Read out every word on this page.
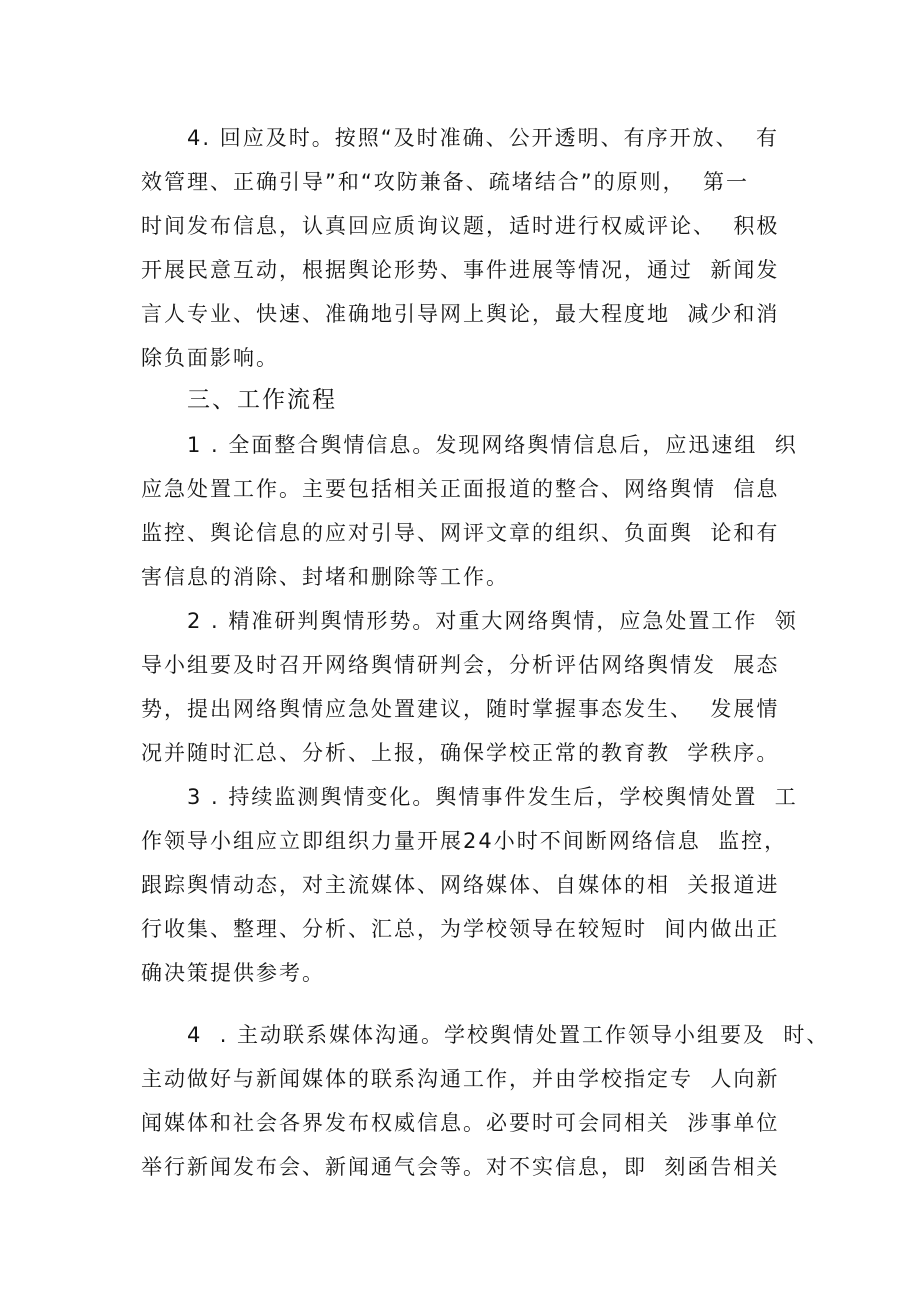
4. 回应及时。按照“及时准确、公开透明、有序开放、  有
效管理、正确引导”和“攻防兼备、疏堵结合”的原则，  第一
时间发布信息，认真回应质询议题，适时进行权威评论、  积极
开展民意互动，根据舆论形势、事件进展等情况，通过  新闻发
言人专业、快速、准确地引导网上舆论，最大程度地  减少和消
除负面影响。
三、工作流程
1 . 全面整合舆情信息。发现网络舆情信息后，应迅速组  织
应急处置工作。主要包括相关正面报道的整合、网络舆情  信息
监控、舆论信息的应对引导、网评文章的组织、负面舆  论和有
害信息的消除、封堵和删除等工作。
2 . 精准研判舆情形势。对重大网络舆情，应急处置工作  领
导小组要及时召开网络舆情研判会，分析评估网络舆情发  展态
势，提出网络舆情应急处置建议，随时掌握事态发生、  发展情
况并随时汇总、分析、上报，确保学校正常的教育教  学秩序。
3 . 持续监测舆情变化。舆情事件发生后，学校舆情处置  工
作领导小组应立即组织力量开展24小时不间断网络信息  监控，
跟踪舆情动态，对主流媒体、网络媒体、自媒体的相  关报道进
行收集、整理、分析、汇总，为学校领导在较短时  间内做出正
确决策提供参考。
4  . 主动联系媒体沟通。学校舆情处置工作领导小组要及  时、
主动做好与新闻媒体的联系沟通工作，并由学校指定专  人向新
闻媒体和社会各界发布权威信息。必要时可会同相关  涉事单位
举行新闻发布会、新闻通气会等。对不实信息，即  刻函告相关
